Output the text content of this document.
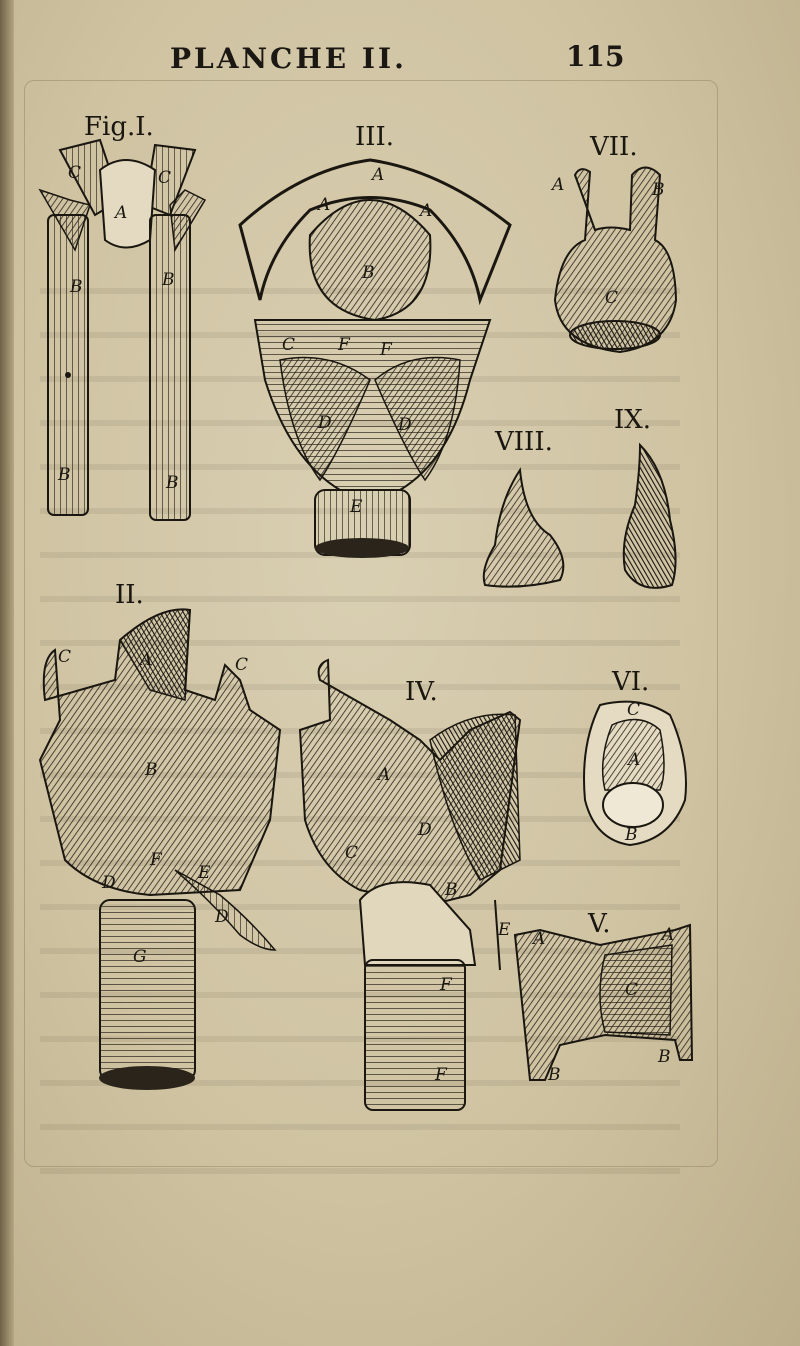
PLANCHE II.	115
Fig.I.
C	C
A
B	B
B	B
III.
A
A	A
B
C	F F
D	D
E
VII.
A	B
C
VIII.
IX.
II.
C	A	C
B
F
E
D
D
G
IV.
A
D
C
B
E
F
F
VI.
C
A
B
V.
A	A
C
B
B
